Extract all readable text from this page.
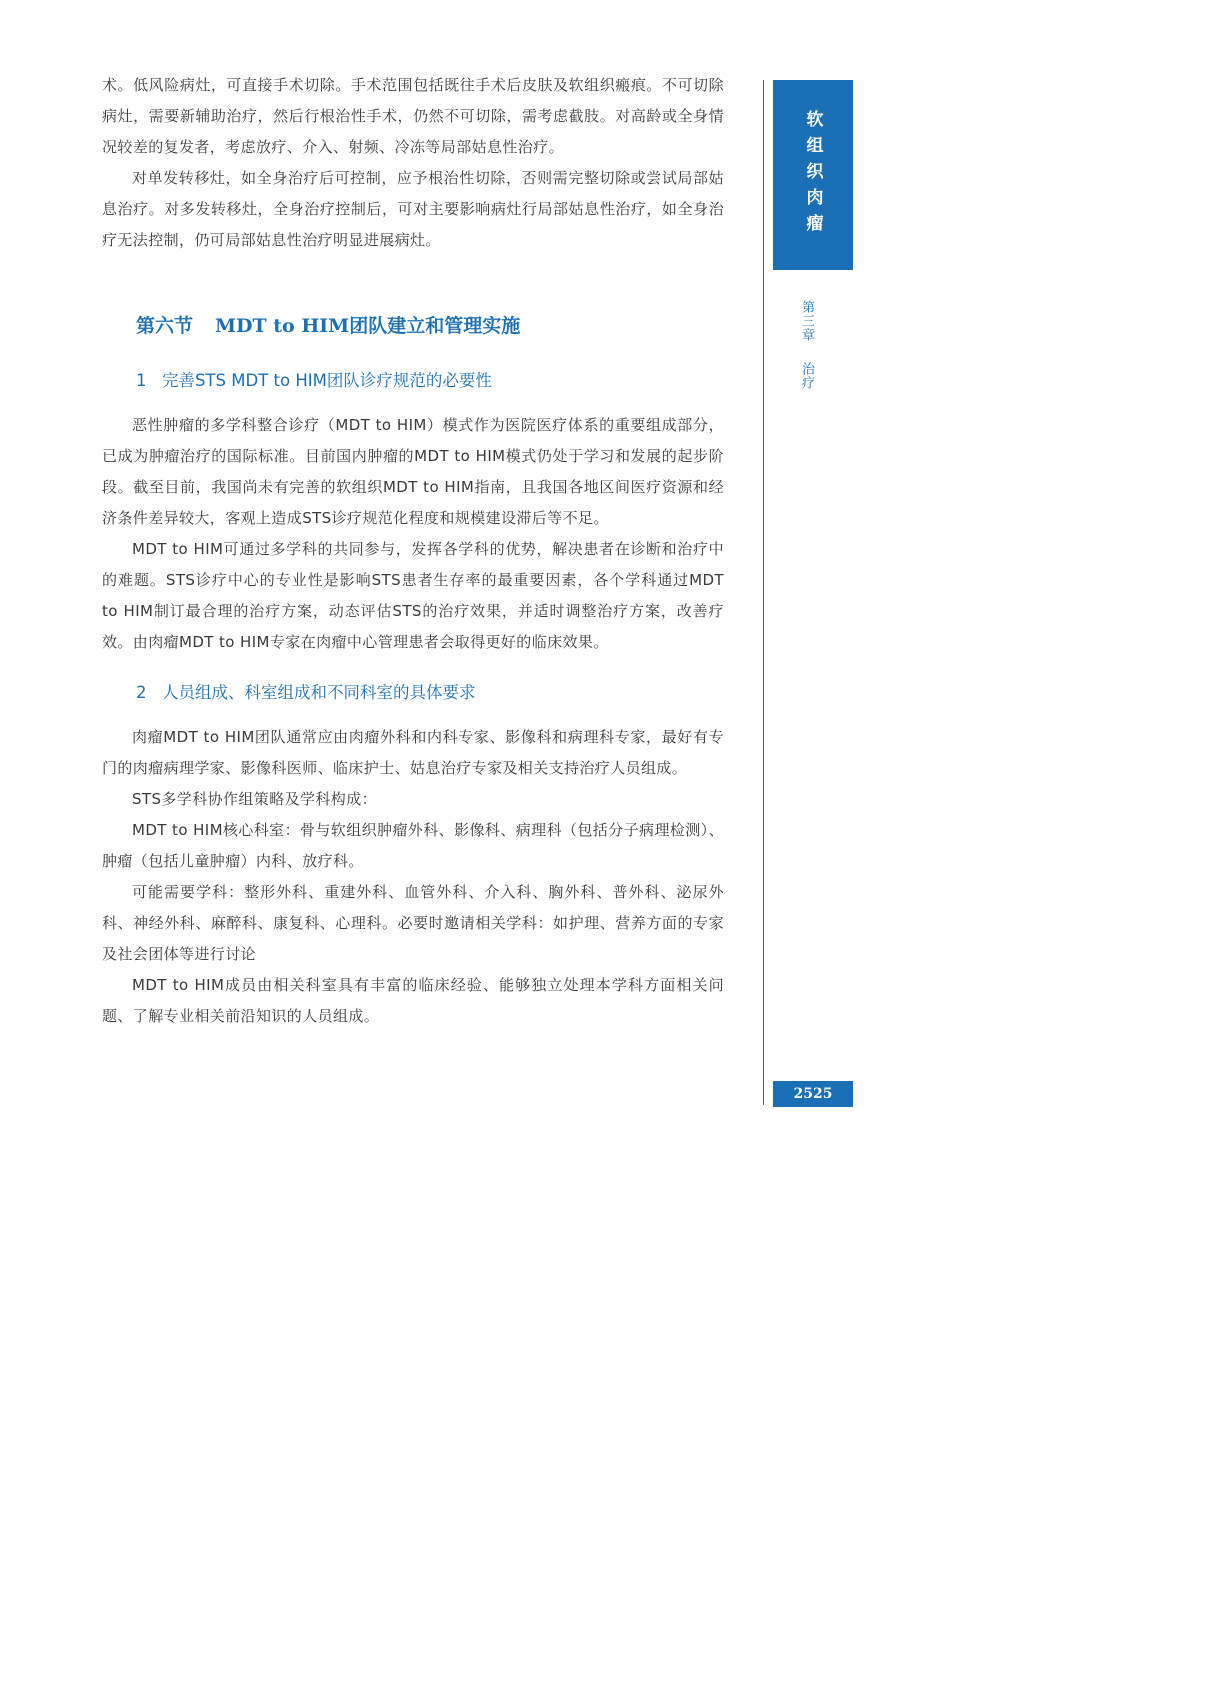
术。低风险病灶，可直接手术切除。手术范围包括既往手术后皮肤及软组织瘢痕。不可切除病灶，需要新辅助治疗，然后行根治性手术，仍然不可切除，需考虑截肢。对高龄或全身情况较差的复发者，考虑放疗、介入、射频、冷冻等局部姑息性治疗。

对单发转移灶，如全身治疗后可控制，应予根治性切除，否则需完整切除或尝试局部姑息治疗。对多发转移灶，全身治疗控制后，可对主要影响病灶行局部姑息性治疗，如全身治疗无法控制，仍可局部姑息性治疗明显进展病灶。

第六节 MDT to HIM团队建立和管理实施
1 完善STS MDT to HIM团队诊疗规范的必要性

恶性肿瘤的多学科整合诊疗（MDT to HIM）模式作为医院医疗体系的重要组成部分，已成为肿瘤治疗的国际标准。目前国内肿瘤的MDT to HIM模式仍处于学习和发展的起步阶段。截至目前，我国尚未有完善的软组织MDT to HIM指南，且我国各地区间医疗资源和经济条件差异较大，客观上造成STS诊疗规范化程度和规模建设滞后等不足。

MDT to HIM可通过多学科的共同参与，发挥各学科的优势，解决患者在诊断和治疗中的难题。STS诊疗中心的专业性是影响STS患者生存率的最重要因素，各个学科通过MDT to HIM制订最合理的治疗方案，动态评估STS的治疗效果，并适时调整治疗方案，改善疗效。由肉瘤MDT to HIM专家在肉瘤中心管理患者会取得更好的临床效果。

2 人员组成、科室组成和不同科室的具体要求

肉瘤MDT to HIM团队通常应由肉瘤外科和内科专家、影像科和病理科专家，最好有专门的肉瘤病理学家、影像科医师、临床护士、姑息治疗专家及相关支持治疗人员组成。

STS多学科协作组策略及学科构成：

MDT to HIM核心科室：骨与软组织肿瘤外科、影像科、病理科（包括分子病理检测）、肿瘤（包括儿童肿瘤）内科、放疗科。

可能需要学科：整形外科、重建外科、血管外科、介入科、胸外科、普外科、泌尿外科、神经外科、麻醉科、康复科、心理科。必要时邀请相关学科：如护理、营养方面的专家及社会团体等进行讨论

MDT to HIM成员由相关科室具有丰富的临床经验、能够独立处理本学科方面相关问题、了解专业相关前沿知识的人员组成。

软组织肉瘤
第三章治疗
2525
